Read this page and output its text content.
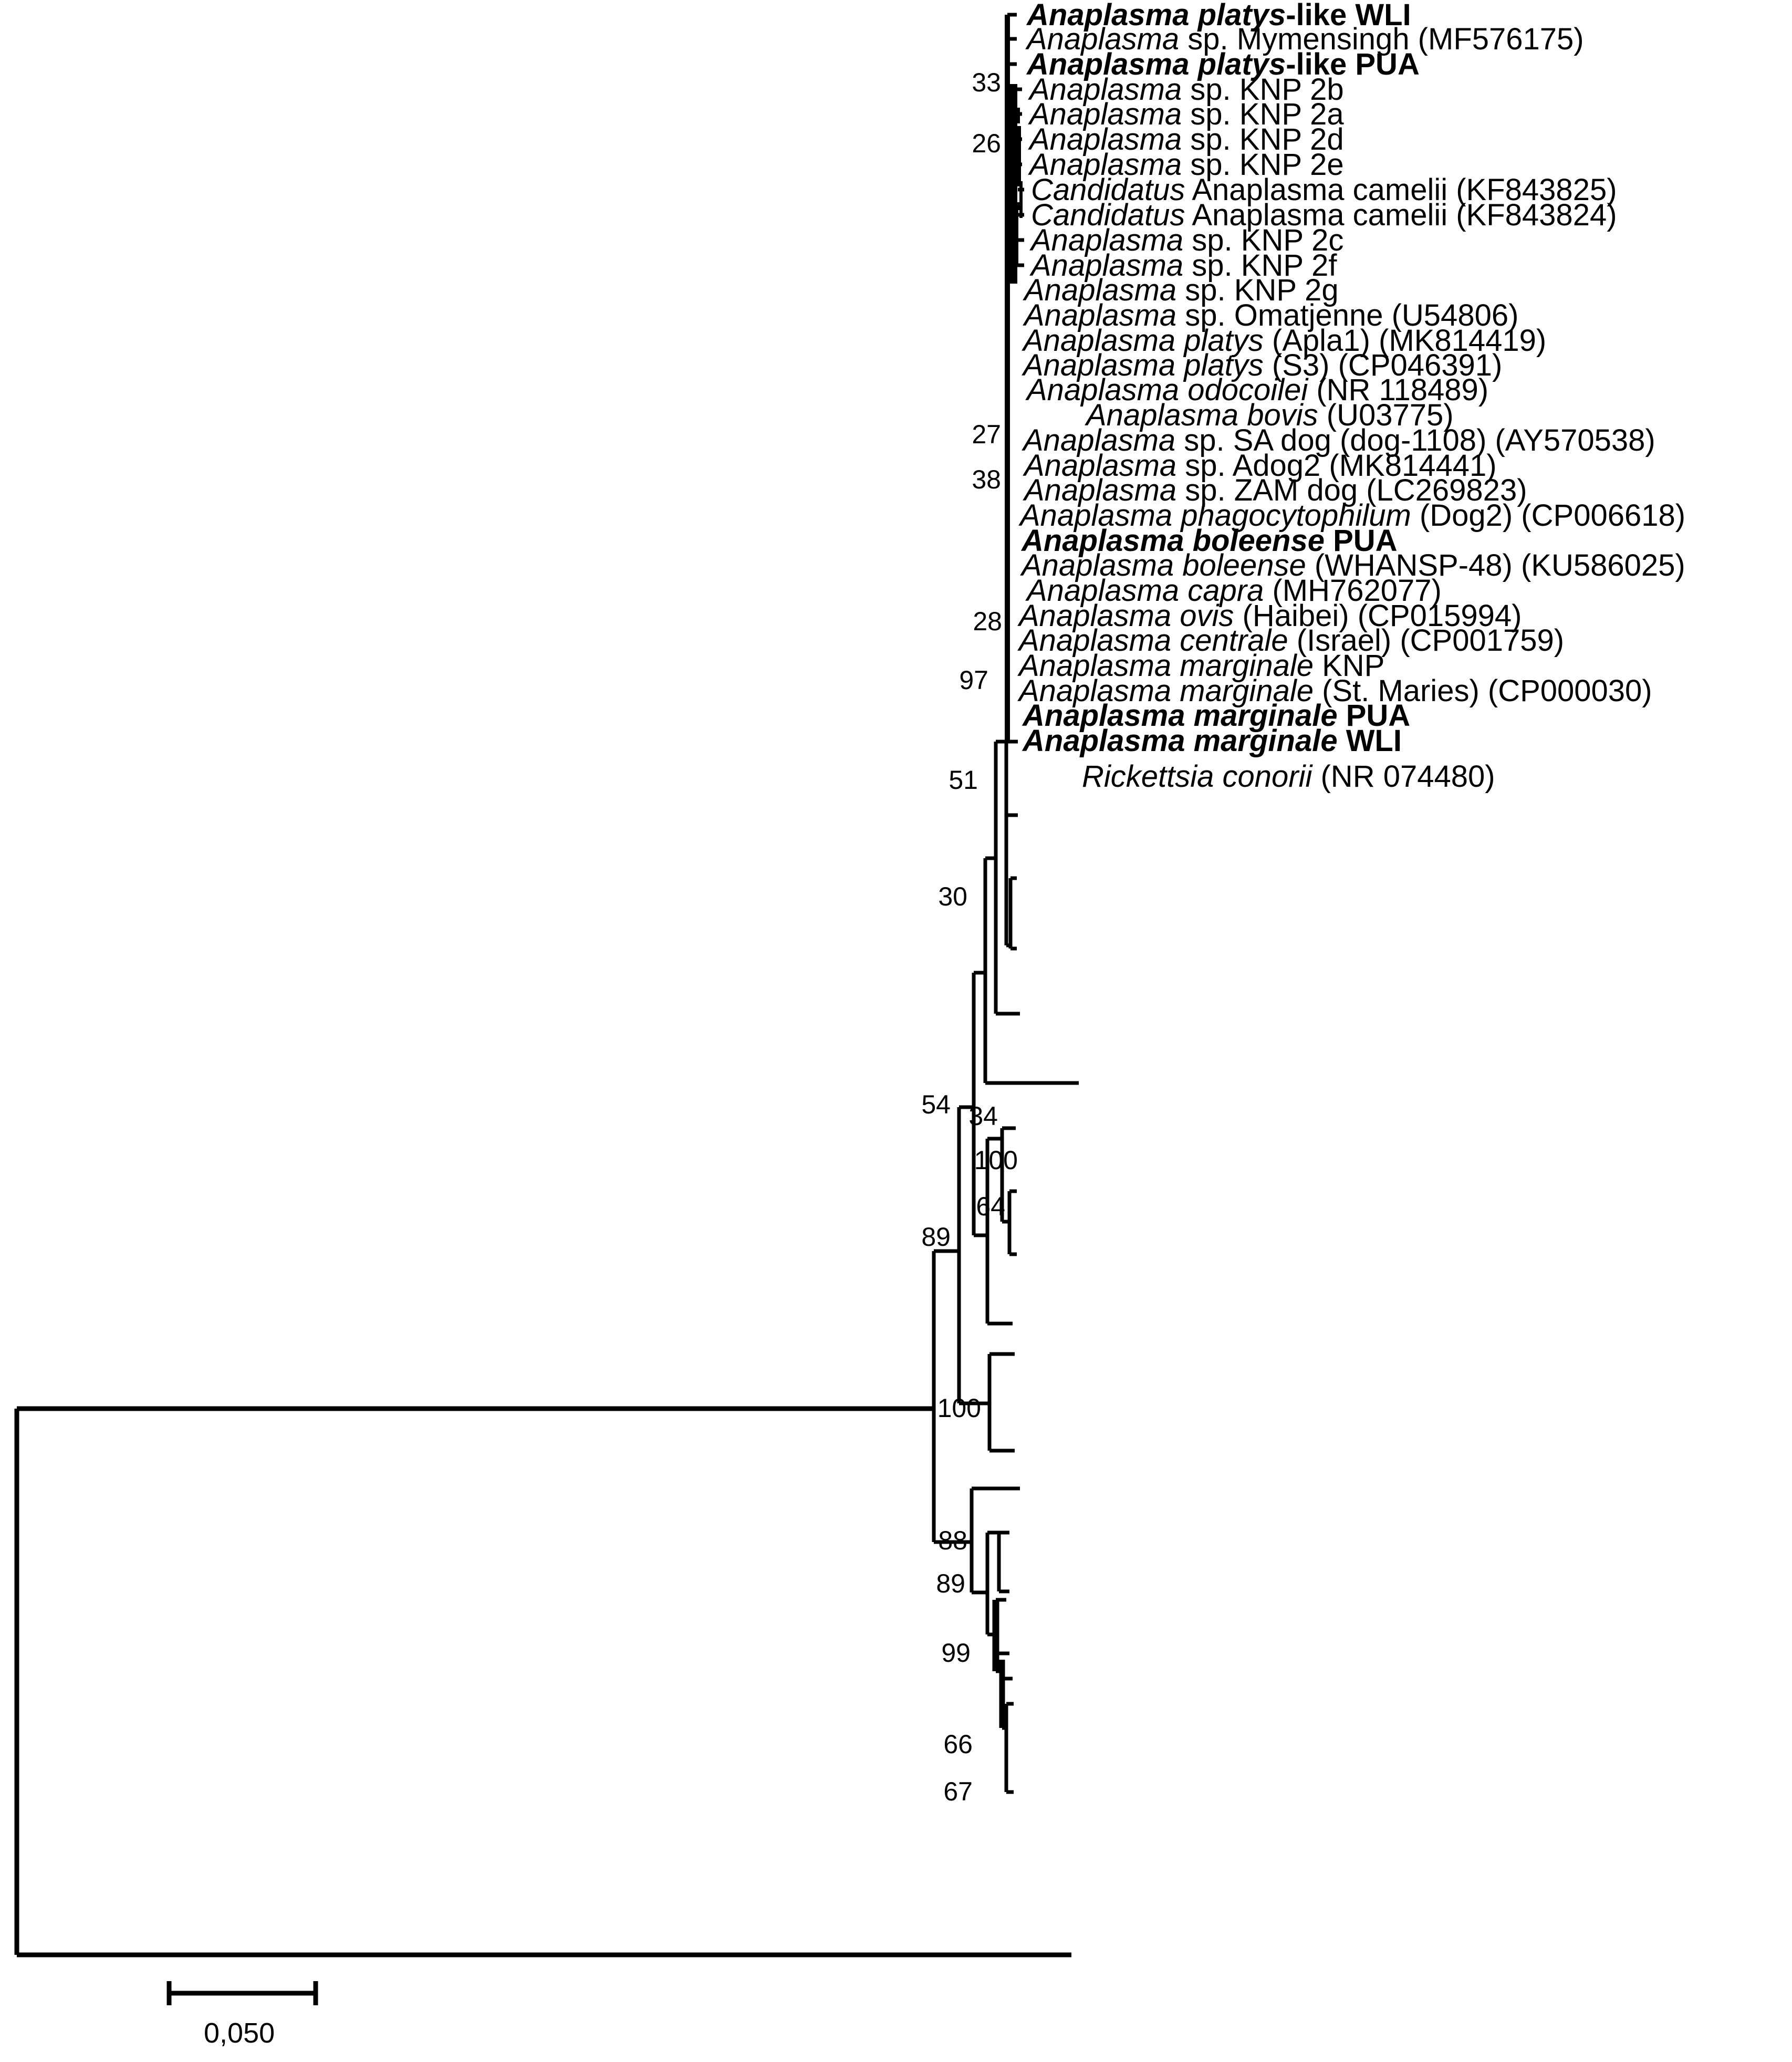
Anaplasma platys-like WLI
Anaplasma sp. Mymensingh (MF576175)
Anaplasma platys-like PUA
Anaplasma sp. KNP 2b
Anaplasma sp. KNP 2a
Anaplasma sp. KNP 2d
Anaplasma sp. KNP 2e
Candidatus Anaplasma camelii (KF843825)
Candidatus Anaplasma camelii (KF843824)
Anaplasma sp. KNP 2c
Anaplasma sp. KNP 2f
Anaplasma sp. KNP 2g
Anaplasma sp. Omatjenne (U54806)
Anaplasma platys (Apla1) (MK814419)
Anaplasma platys (S3) (CP046391)
Anaplasma odocoilei (NR 118489)
Anaplasma bovis (U03775)
Anaplasma sp. SA dog (dog-1108) (AY570538)
Anaplasma sp. Adog2 (MK814441)
Anaplasma sp. ZAM dog (LC269823)
Anaplasma phagocytophilum (Dog2) (CP006618)
Anaplasma boleense PUA
Anaplasma boleense (WHANSP-48) (KU586025)
Anaplasma capra (MH762077)
Anaplasma ovis (Haibei) (CP015994)
Anaplasma centrale (Israel) (CP001759)
Anaplasma marginale KNP
Anaplasma marginale (St. Maries) (CP000030)
Anaplasma marginale PUA
Anaplasma marginale WLI
Rickettsia conorii (NR 074480)
33
26
27
38
28
97
51
30
54 34
100
64
89
100
88
89
99
66
67
0,050
